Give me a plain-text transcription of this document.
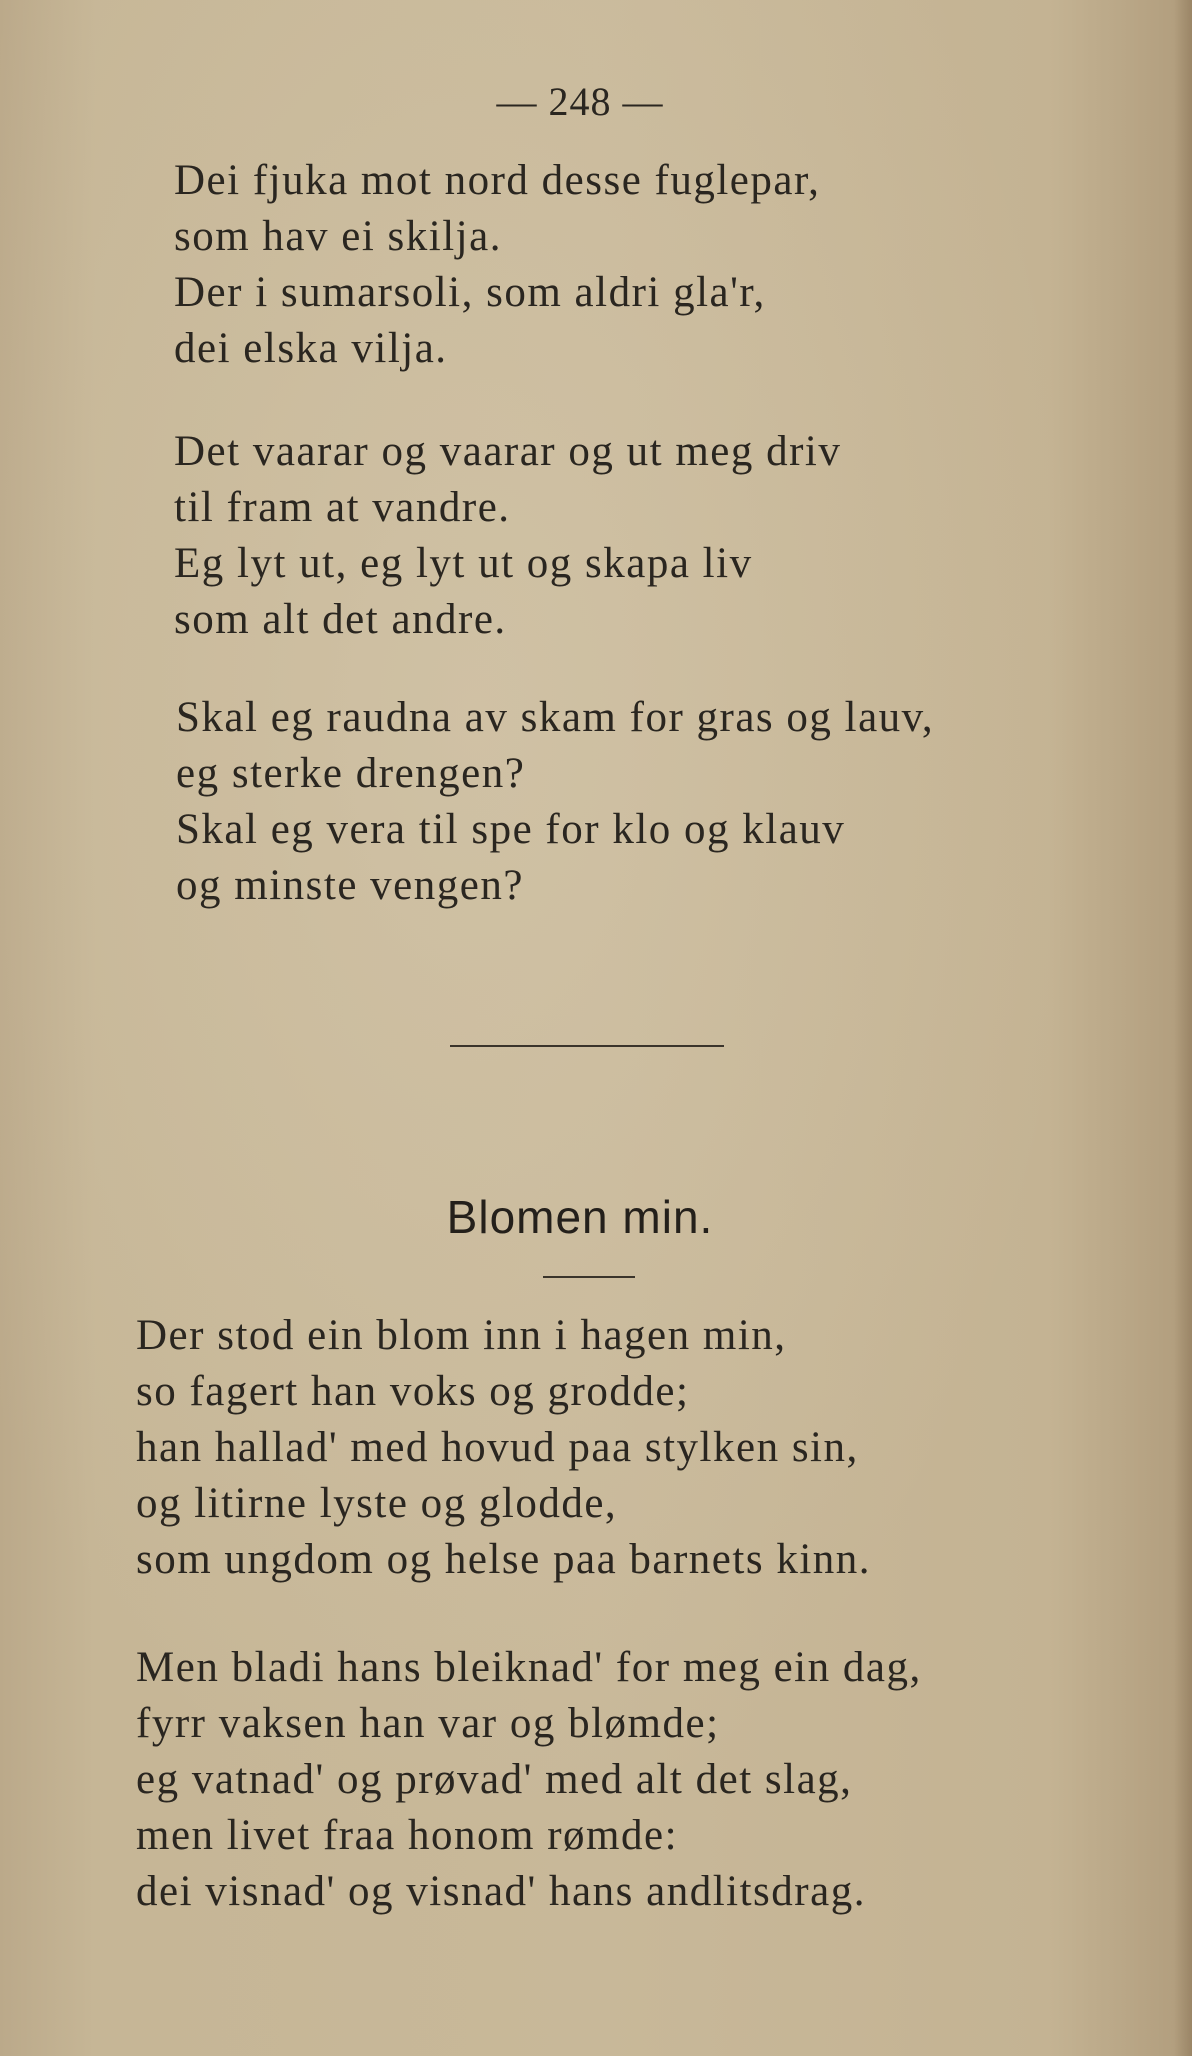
— 248 —
Dei fjuka mot nord desse fuglepar,
som hav ei skilja.
Der i sumarsoli, som aldri gla'r,
dei elska vilja.
Det vaarar og vaarar og ut meg driv
til fram at vandre.
Eg lyt ut, eg lyt ut og skapa liv
som alt det andre.
Skal eg raudna av skam for gras og lauv,
eg sterke drengen?
Skal eg vera til spe for klo og klauv
og minste vengen?
Blomen min.
Der stod ein blom inn i hagen min,
so fagert han voks og grodde;
han hallad' med hovud paa stylken sin,
og litirne lyste og glodde,
som ungdom og helse paa barnets kinn.
Men bladi hans bleiknad' for meg ein dag,
fyrr vaksen han var og blømde;
eg vatnad' og prøvad' med alt det slag,
men livet fraa honom rømde:
dei visnad' og visnad' hans andlitsdrag.
